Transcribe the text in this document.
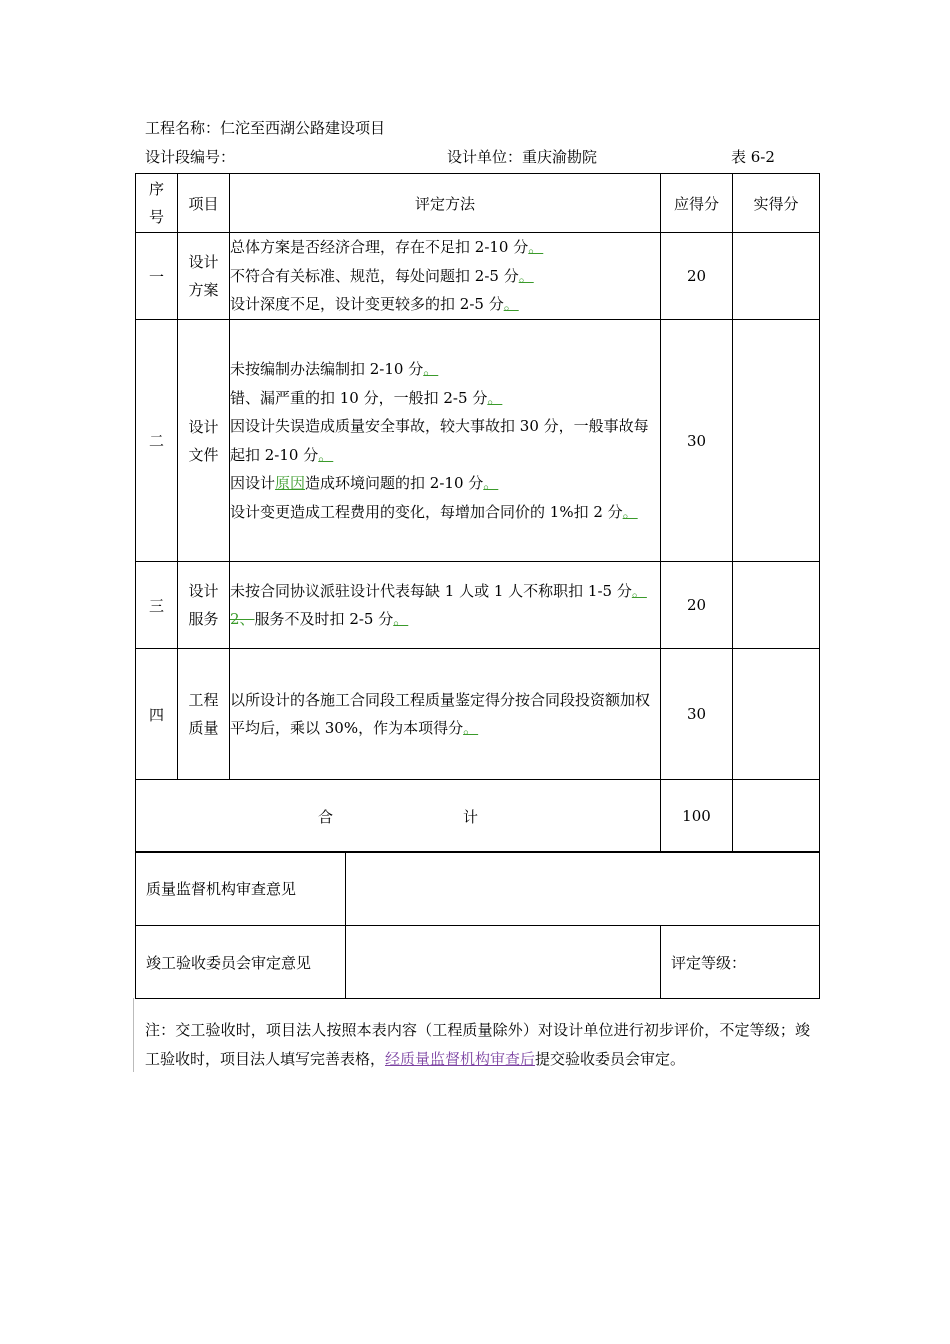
工程名称：仁沱至西湖公路建设项目
设计段编号：	设计单位：重庆渝勘院	表 6-2
序号	项目	评定方法	应得分	实得分
一	设计方案	总体方案是否经济合理，存在不足扣 2-10 分。

不符合有关标准、规范，每处问题扣 2-5 分。

设计深度不足，设计变更较多的扣 2-5 分。	20	
二	设计文件	未按编制办法编制扣 2-10 分。

错、漏严重的扣 10 分，一般扣 2-5 分。

因设计失误造成质量安全事故，较大事故扣 30 分，一般事故每起扣 2-10 分。

因设计原因造成环境问题的扣 2-10 分。

设计变更造成工程费用的变化，每增加合同价的 1%扣 2 分。	30	
三	设计服务	未按合同协议派驻设计代表每缺 1 人或 1 人不称职扣 1-5 分。

2、服务不及时扣 2-5 分。	20	
四	工程质量	以所设计的各施工合同段工程质量鉴定得分按合同段投资额加权平均后，乘以 30%，作为本项得分。	30	
合 计			100	
质量监督机构审查意见		
竣工验收委员会审定意见		评定等级：
注：交工验收时，项目法人按照本表内容（工程质量除外）对设计单位进行初步评价，不定等级；竣工验收时，项目法人填写完善表格，经质量监督机构审查后提交验收委员会审定。
